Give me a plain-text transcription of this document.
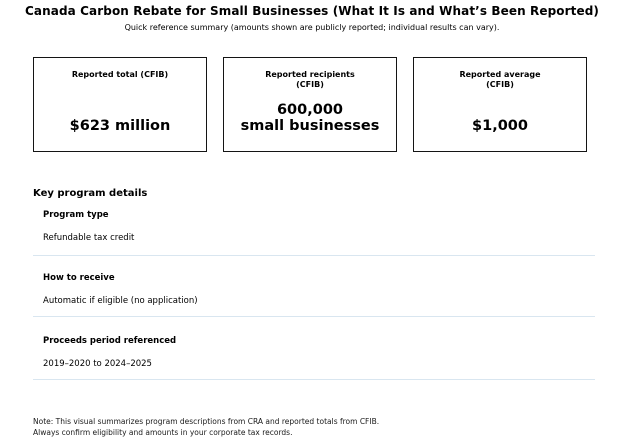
Canada Carbon Rebate for Small Businesses (What It Is and What’s Been Reported)
Quick reference summary (amounts shown are publicly reported; individual results can vary).
Reported total (CFIB)
$623 million
Reported recipients
(CFIB)
600,000
small businesses
Reported average
(CFIB)
$1,000
Key program details
Program type
Refundable tax credit
How to receive
Automatic if eligible (no application)
Proceeds period referenced
2019–2020 to 2024–2025
Note: This visual summarizes program descriptions from CRA and reported totals from CFIB.
Always confirm eligibility and amounts in your corporate tax records.
